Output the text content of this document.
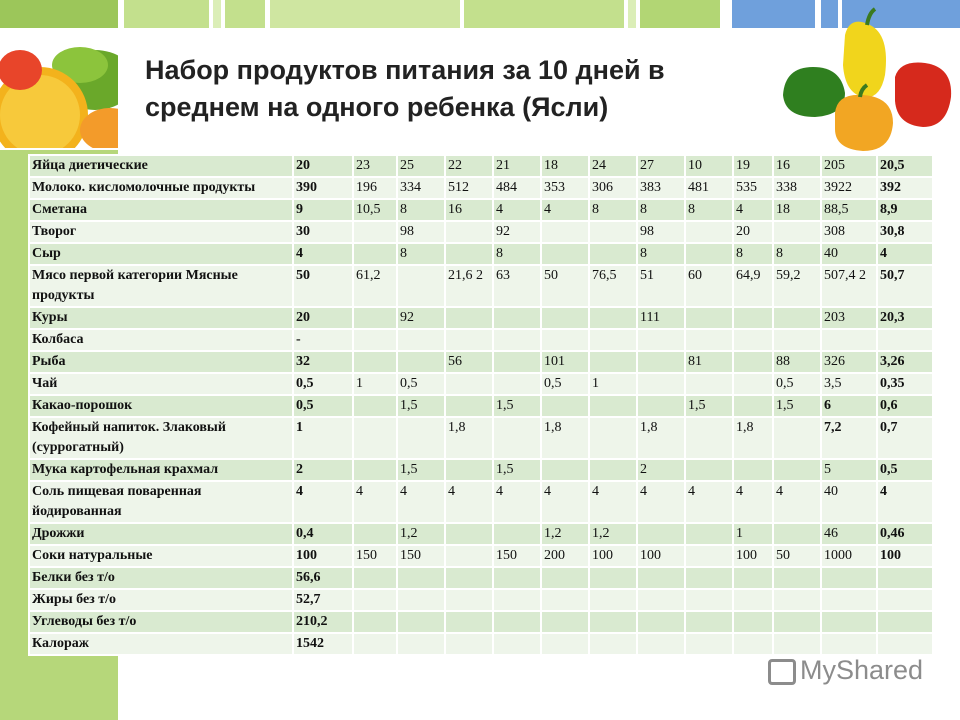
Набор продуктов питания за 10 дней в
среднем на одного ребенка (Ясли)
Яйца диетические	20	23	25	22	21	18	24	27	10	19	16	205	20,5
Молоко. кисломолочные продукты	390	196	334	512	484	353	306	383	481	535	338	3922	392
Сметана	9	10,5	8	16	4	4	8	8	8	4	18	88,5	8,9
Творог	30		98		92			98		20		308	30,8
Сыр	4		8		8			8		8	8	40	4
Мясо первой категории Мясные продукты	50	61,2		21,6 2	63	50	76,5	51	60	64,9	59,2	507,4 2	50,7
Куры	20		92					111				203	20,3
Колбаса	-												
Рыба	32			56		101			81		88	326	3,26
Чай	0,5	1	0,5			0,5	1				0,5	3,5	0,35
Какао-порошок	0,5		1,5		1,5				1,5		1,5	6	0,6
Кофейный напиток. Злаковый (суррогатный)	1			1,8		1,8		1,8		1,8		7,2	0,7
Мука картофельная крахмал	2		1,5		1,5			2				5	0,5
Соль пищевая поваренная йодированная	4	4	4	4	4	4	4	4	4	4	4	40	4
Дрожжи	0,4		1,2			1,2	1,2			1		46	0,46
Соки натуральные	100	150	150		150	200	100	100		100	50	1000	100
Белки без т/о	56,6												
Жиры без т/о	52,7												
Углеводы без т/о	210,2												
Калораж	1542												
MyShared
